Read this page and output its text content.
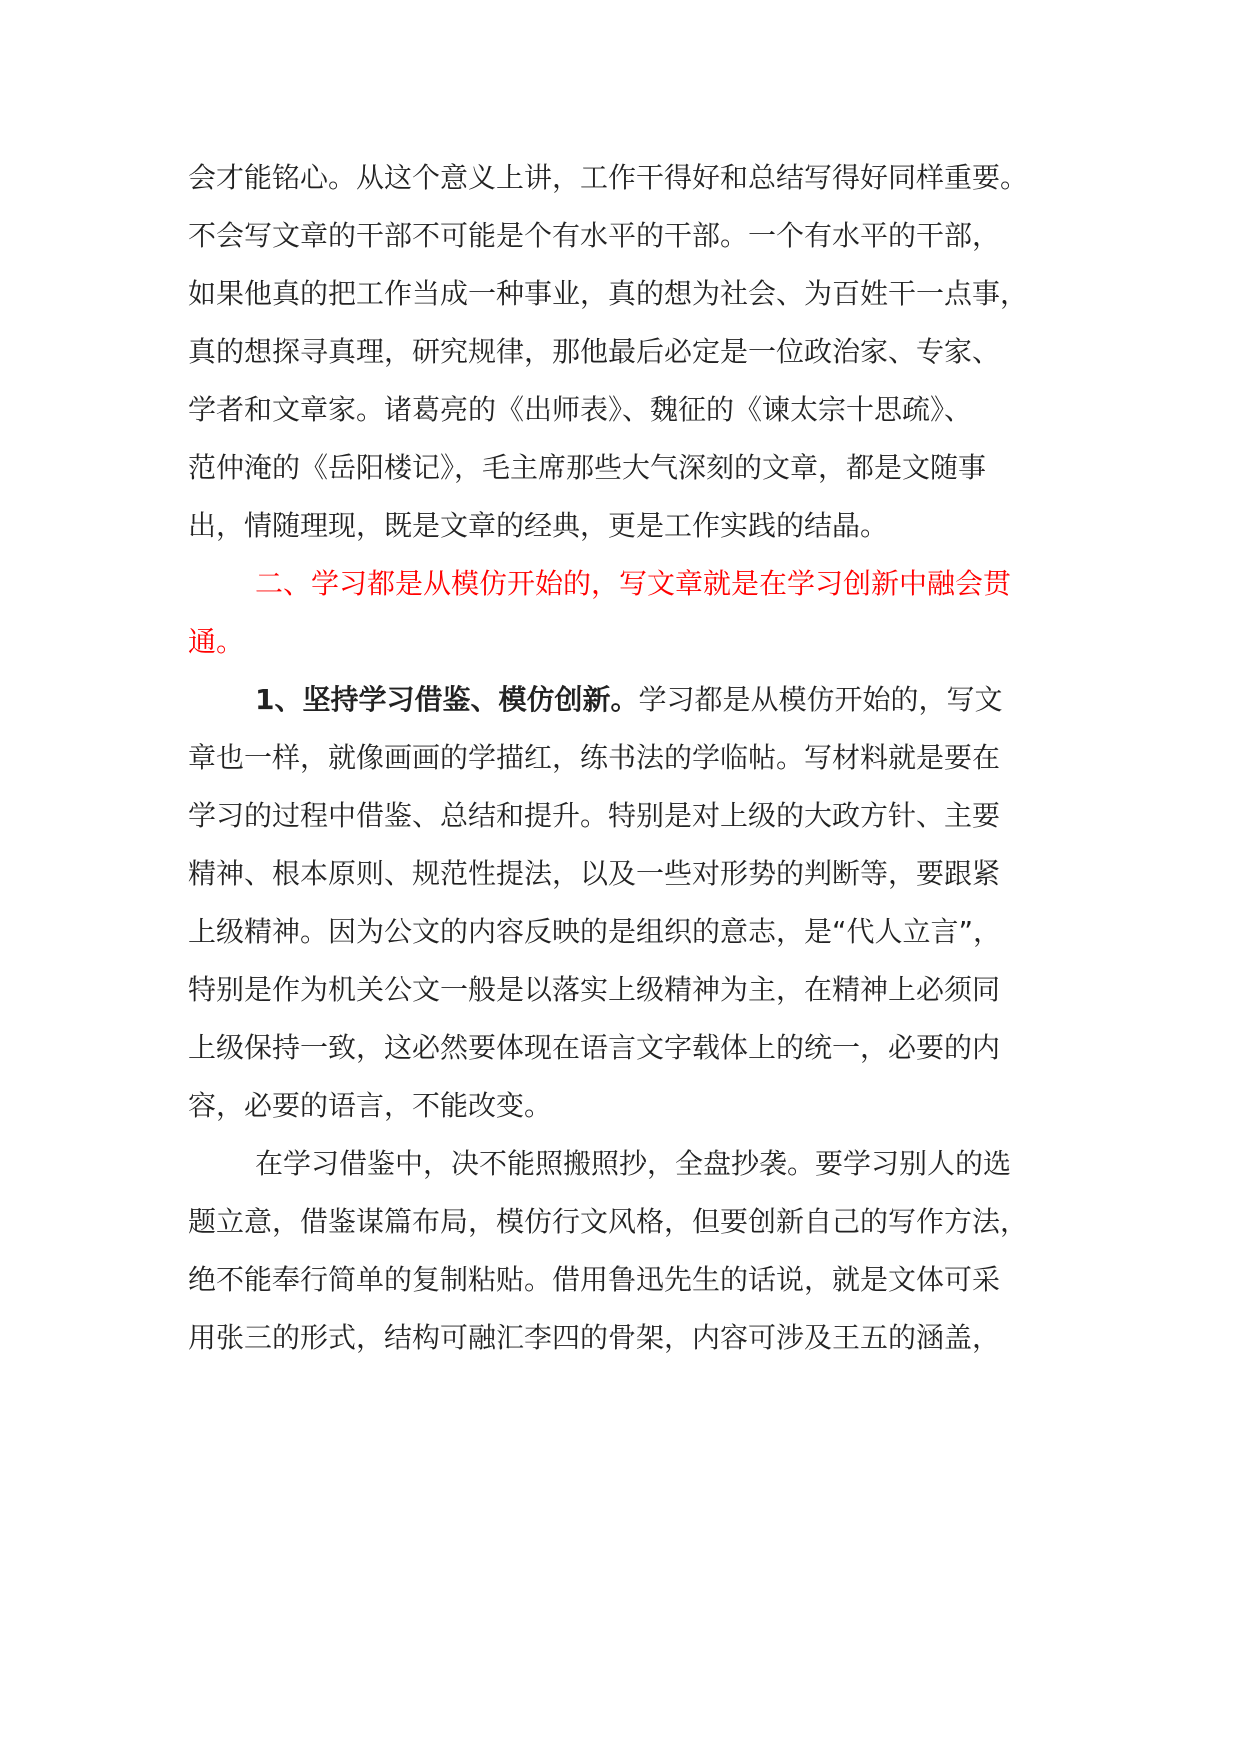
会才能铭心。从这个意义上讲，工作干得好和总结写得好同样重要。
不会写文章的干部不可能是个有水平的干部。一个有水平的干部，
如果他真的把工作当成一种事业，真的想为社会、为百姓干一点事，
真的想探寻真理，研究规律，那他最后必定是一位政治家、专家、
学者和文章家。诸葛亮的《出师表》、魏征的《谏太宗十思疏》、
范仲淹的《岳阳楼记》，毛主席那些大气深刻的文章，都是文随事
出，情随理现，既是文章的经典，更是工作实践的结晶。
二、学习都是从模仿开始的，写文章就是在学习创新中融会贯
通。
1、坚持学习借鉴、模仿创新。学习都是从模仿开始的，写文
章也一样，就像画画的学描红，练书法的学临帖。写材料就是要在
学习的过程中借鉴、总结和提升。特别是对上级的大政方针、主要
精神、根本原则、规范性提法，以及一些对形势的判断等，要跟紧
上级精神。因为公文的内容反映的是组织的意志，是“代人立言”，
特别是作为机关公文一般是以落实上级精神为主，在精神上必须同
上级保持一致，这必然要体现在语言文字载体上的统一，必要的内
容，必要的语言，不能改变。
在学习借鉴中，决不能照搬照抄，全盘抄袭。要学习别人的选
题立意，借鉴谋篇布局，模仿行文风格，但要创新自己的写作方法，
绝不能奉行简单的复制粘贴。借用鲁迅先生的话说，就是文体可采
用张三的形式，结构可融汇李四的骨架，内容可涉及王五的涵盖，
